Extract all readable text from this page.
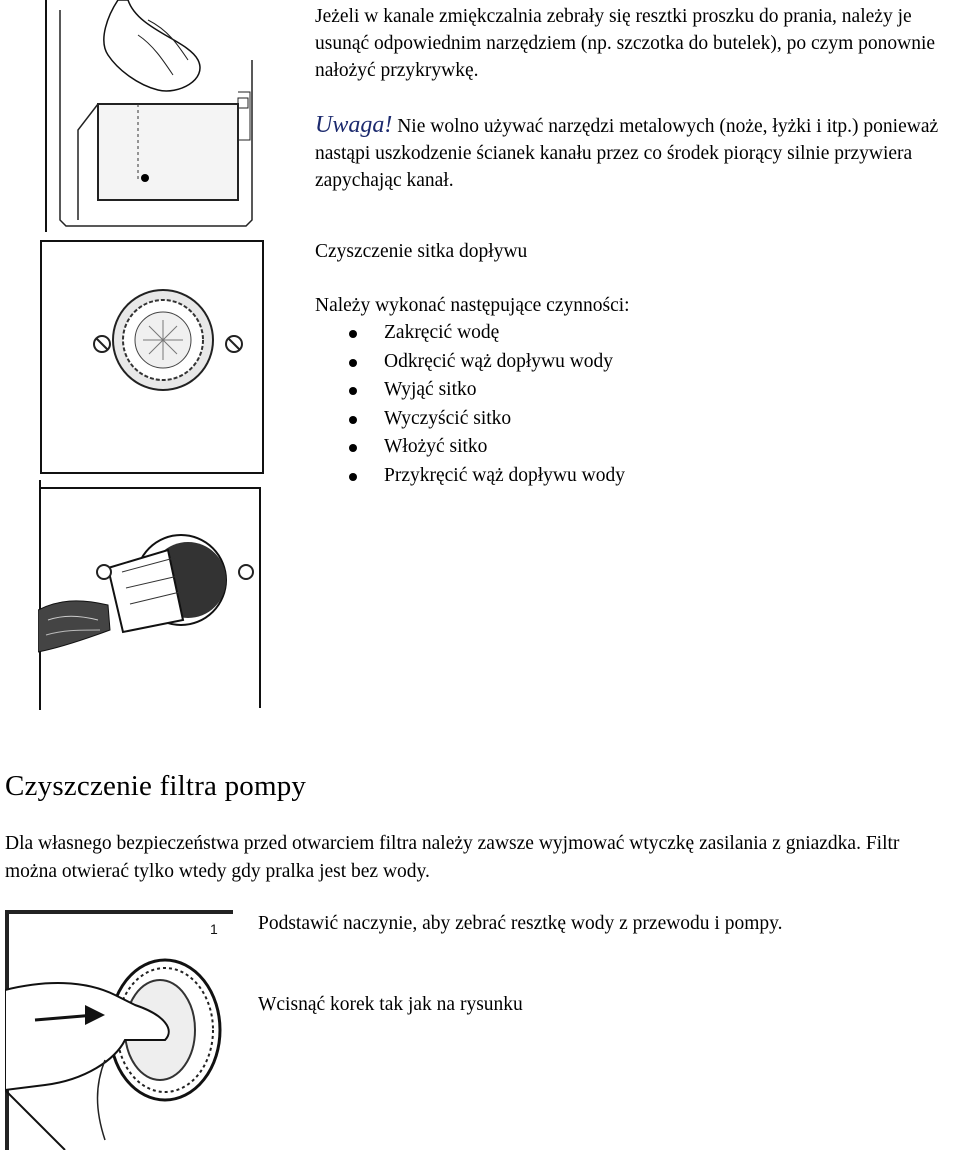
Jeżeli w kanale zmiękczalnia zebrały się resztki proszku do prania, należy je usunąć odpowiednim narzędziem (np. szczotka do butelek), po czym ponownie nałożyć przykrywkę.

Uwaga! Nie wolno używać narzędzi metalowych (noże, łyżki i itp.) ponieważ nastąpi uszkodzenie ścianek kanału przez co środek piorący silnie przywiera zapychając kanał.

Czyszczenie sitka dopływu
Należy wykonać następujące czynności:
Zakręcić wodę
Odkręcić wąż dopływu wody
Wyjąć sitko
Wyczyścić sitko
Włożyć sitko
Przykręcić wąż dopływu wody
Czyszczenie filtra pompy

Dla własnego bezpieczeństwa przed otwarciem filtra należy zawsze wyjmować wtyczkę zasilania z gniazdka. Filtr można otwierać tylko wtedy gdy pralka jest bez wody.

1 Podstawić naczynie, aby zebrać resztkę wody z przewodu i pompy.

Wcisnąć korek tak jak na rysunku
